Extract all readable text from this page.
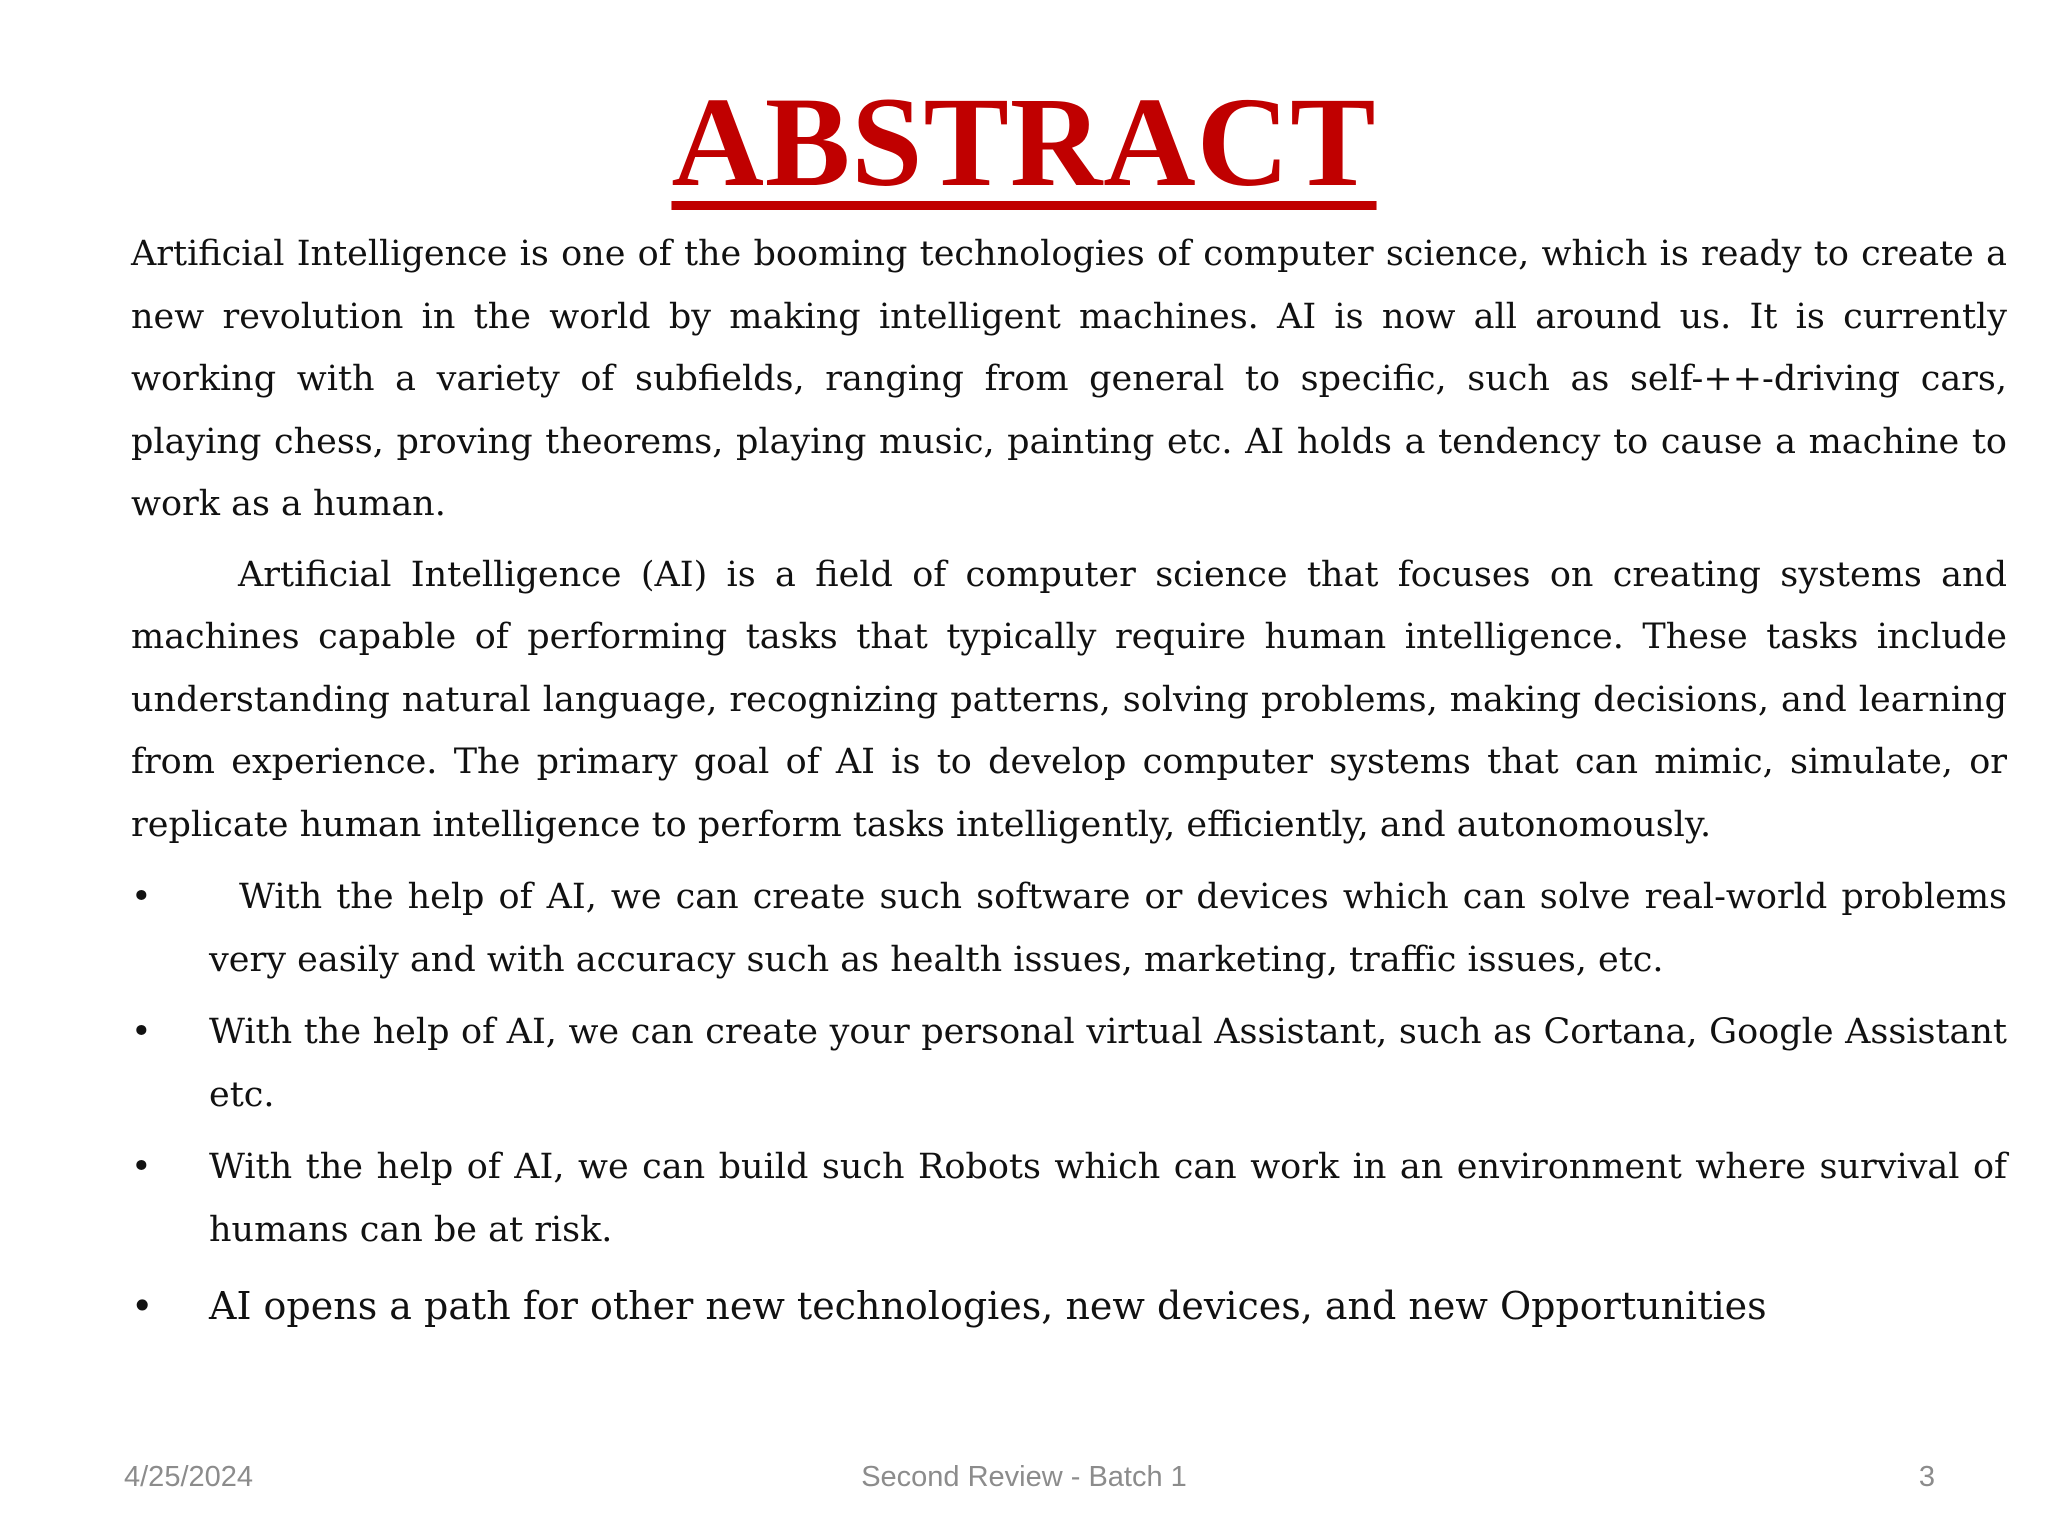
ABSTRACT

Artificial Intelligence is one of the booming technologies of computer science, which is ready to create a new revolution in the world by making intelligent machines. AI is now all around us. It is currently working with a variety of subfields, ranging from general to specific, such as self-++-driving cars, playing chess, proving theorems, playing music, painting etc. AI holds a tendency to cause a machine to work as a human.

Artificial Intelligence (AI) is a field of computer science that focuses on creating systems and machines capable of performing tasks that typically require human intelligence. These tasks include understanding natural language, recognizing patterns, solving problems, making decisions, and learning from experience. The primary goal of AI is to develop computer systems that can mimic, simulate, or replicate human intelligence to perform tasks intelligently, efficiently, and autonomously.

•	With the help of AI, we can create such software or devices which can solve real-world problems very easily and with accuracy such as health issues, marketing, traffic issues, etc.
•	With the help of AI, we can create your personal virtual Assistant, such as Cortana, Google Assistant etc.
•	With the help of AI, we can build such Robots which can work in an environment where survival of humans can be at risk.
•	AI opens a path for other new technologies, new devices, and new Opportunities
4/25/2024	Second Review - Batch 1	3
